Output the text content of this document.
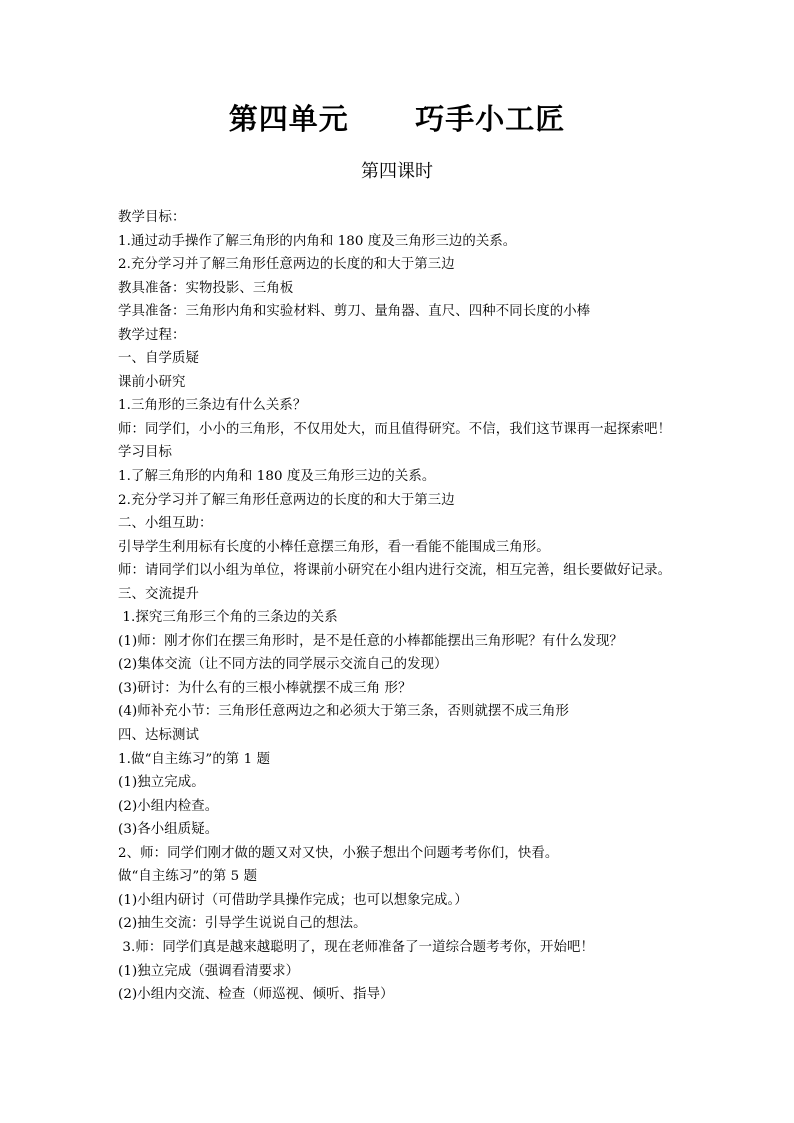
第四单元      巧手小工匠
第四课时
教学目标：
1.通过动手操作了解三角形的内角和 180 度及三角形三边的关系。
2.充分学习并了解三角形任意两边的长度的和大于第三边
教具准备：实物投影、三角板
学具准备：三角形内角和实验材料、剪刀、量角器、直尺、四种不同长度的小棒
教学过程：
一、自学质疑
课前小研究
1.三角形的三条边有什么关系？
师：同学们，小小的三角形，不仅用处大，而且值得研究。不信，我们这节课再一起探索吧！
学习目标
1.了解三角形的内角和 180 度及三角形三边的关系。
2.充分学习并了解三角形任意两边的长度的和大于第三边
二、小组互助：
引导学生利用标有长度的小棒任意摆三角形，看一看能不能围成三角形。
师：请同学们以小组为单位，将课前小研究在小组内进行交流，相互完善，组长要做好记录。
三、交流提升
1.探究三角形三个角的三条边的关系
(1)师：刚才你们在摆三角形时，是不是任意的小棒都能摆出三角形呢？有什么发现？
(2)集体交流（让不同方法的同学展示交流自己的发现）
(3)研讨：为什么有的三根小棒就摆不成三角 形？
(4)师补充小节：三角形任意两边之和必须大于第三条，否则就摆不成三角形
四、达标测试
1.做“自主练习”的第 1 题
(1)独立完成。
(2)小组内检查。
(3)各小组质疑。
2、师：同学们刚才做的题又对又快，小猴子想出个问题考考你们，快看。
做“自主练习”的第 5 题
(1)小组内研讨（可借助学具操作完成；也可以想象完成。）
(2)抽生交流：引导学生说说自己的想法。
3.师：同学们真是越来越聪明了，现在老师准备了一道综合题考考你，开始吧！
(1)独立完成（强调看清要求）
(2)小组内交流、检查（师巡视、倾听、指导）
